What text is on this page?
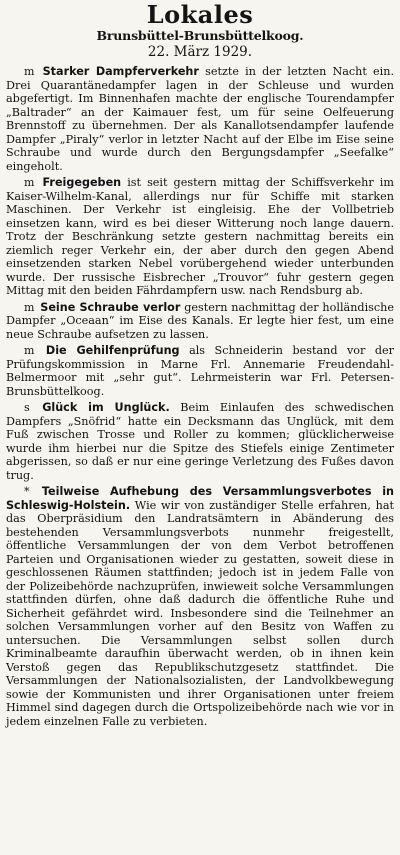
Lokales
Brunsbüttel-Brunsbüttelkoog.
22. März 1929.

m Starker Dampferverkehr setzte in der letzten Nacht ein. Drei Quarantänedampfer lagen in der Schleuse und wurden abgefertigt. Im Binnenhafen machte der englische Tourendampfer „Baltrader“ an der Kaimauer fest, um für seine Oelfeuerung Brennstoff zu übernehmen. Der als Kanallotsendampfer laufende Dampfer „Piraly“ verlor in letzter Nacht auf der Elbe im Eise seine Schraube und wurde durch den Bergungsdampfer „Seefalke“ eingeholt.

m Freigegeben ist seit gestern mittag der Schiffsverkehr im Kaiser-Wilhelm-Kanal, allerdings nur für Schiffe mit starken Maschinen. Der Verkehr ist eingleisig. Ehe der Vollbetrieb einsetzen kann, wird es bei dieser Witterung noch lange dauern. Trotz der Beschränkung setzte gestern nachmittag bereits ein ziemlich reger Verkehr ein, der aber durch den gegen Abend einsetzenden starken Nebel vorübergehend wieder unterbunden wurde. Der russische Eisbrecher „Trouvor“ fuhr gestern gegen Mittag mit den beiden Fährdampfern usw. nach Rendsburg ab.

m Seine Schraube verlor gestern nachmittag der holländische Dampfer „Oceaan“ im Eise des Kanals. Er legte hier fest, um eine neue Schraube aufsetzen zu lassen.

m Die Gehilfenprüfung als Schneiderin bestand vor der Prüfungskommission in Marne Frl. Annemarie Freudendahl-Belmermoor mit „sehr gut“. Lehrmeisterin war Frl. Petersen-Brunsbüttelkoog.

s Glück im Unglück. Beim Einlaufen des schwedischen Dampfers „Snöfrid“ hatte ein Decksmann das Unglück, mit dem Fuß zwischen Trosse und Roller zu kommen; glücklicherweise wurde ihm hierbei nur die Spitze des Stiefels einige Zentimeter abgerissen, so daß er nur eine geringe Verletzung des Fußes davon trug.

* Teilweise Aufhebung des Versammlungsverbotes in Schleswig-Holstein. Wie wir von zuständiger Stelle erfahren, hat das Oberpräsidium den Landratsämtern in Abänderung des bestehenden Versammlungsverbots nunmehr freigestellt, öffentliche Versammlungen der von dem Verbot betroffenen Parteien und Organisationen wieder zu gestatten, soweit diese in geschlossenen Räumen stattfinden; jedoch ist in jedem Falle von der Polizeibehörde nachzuprüfen, inwieweit solche Versammlungen stattfinden dürfen, ohne daß dadurch die öffentliche Ruhe und Sicherheit gefährdet wird. Insbesondere sind die Teilnehmer an solchen Versammlungen vorher auf den Besitz von Waffen zu untersuchen. Die Versammlungen selbst sollen durch Kriminalbeamte daraufhin überwacht werden, ob in ihnen kein Verstoß gegen das Republikschutzgesetz stattfindet. Die Versammlungen der Nationalsozialisten, der Landvolkbewegung sowie der Kommunisten und ihrer Organisationen unter freiem Himmel sind dagegen durch die Ortspolizeibehörde nach wie vor in jedem einzelnen Falle zu verbieten.
